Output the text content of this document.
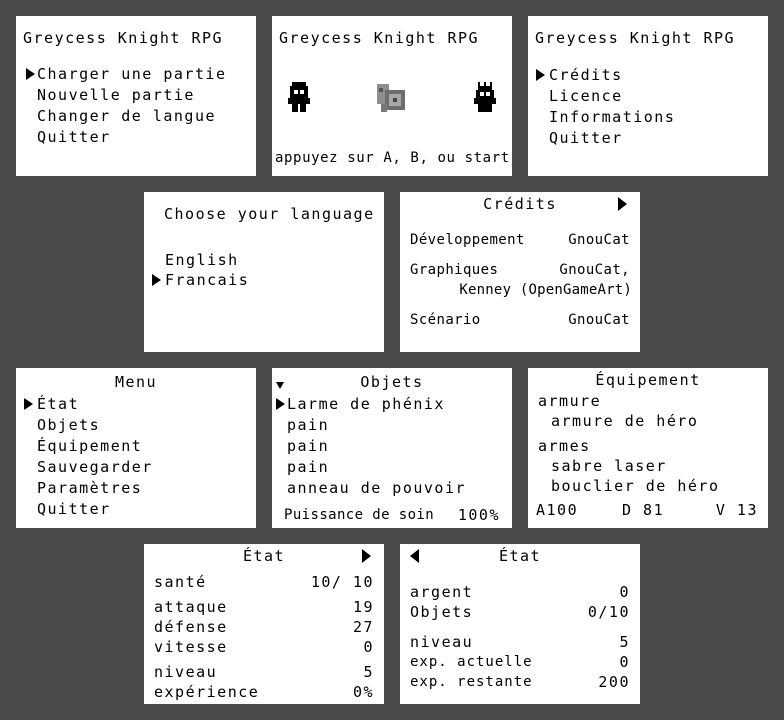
Greycess Knight RPG
Charger une partie
Nouvelle partie
Changer de langue
Quitter
Greycess Knight RPG
appuyez sur A, B, ou start
Greycess Knight RPG
Crédits
Licence
Informations
Quitter
Choose your language
English
Francais
Crédits
Développement	GnouCat
Graphiques	GnouCat,
Kenney (OpenGameArt)
Scénario	GnouCat
Menu
État
Objets
Équipement
Sauvegarder
Paramètres
Quitter
Objets
Larme de phénix
pain
pain
pain
anneau de pouvoir
Puissance de soin 100%
Équipement
armure
armure de héro
armes
sabre laser
bouclier de héro
A100	D 81	V 13
État
santé	10/ 10
attaque	19
défense	27
vitesse	0
niveau	5
expérience	0%
État
argent	0
Objets	0/10
niveau	5
exp. actuelle	0
exp. restante	200
